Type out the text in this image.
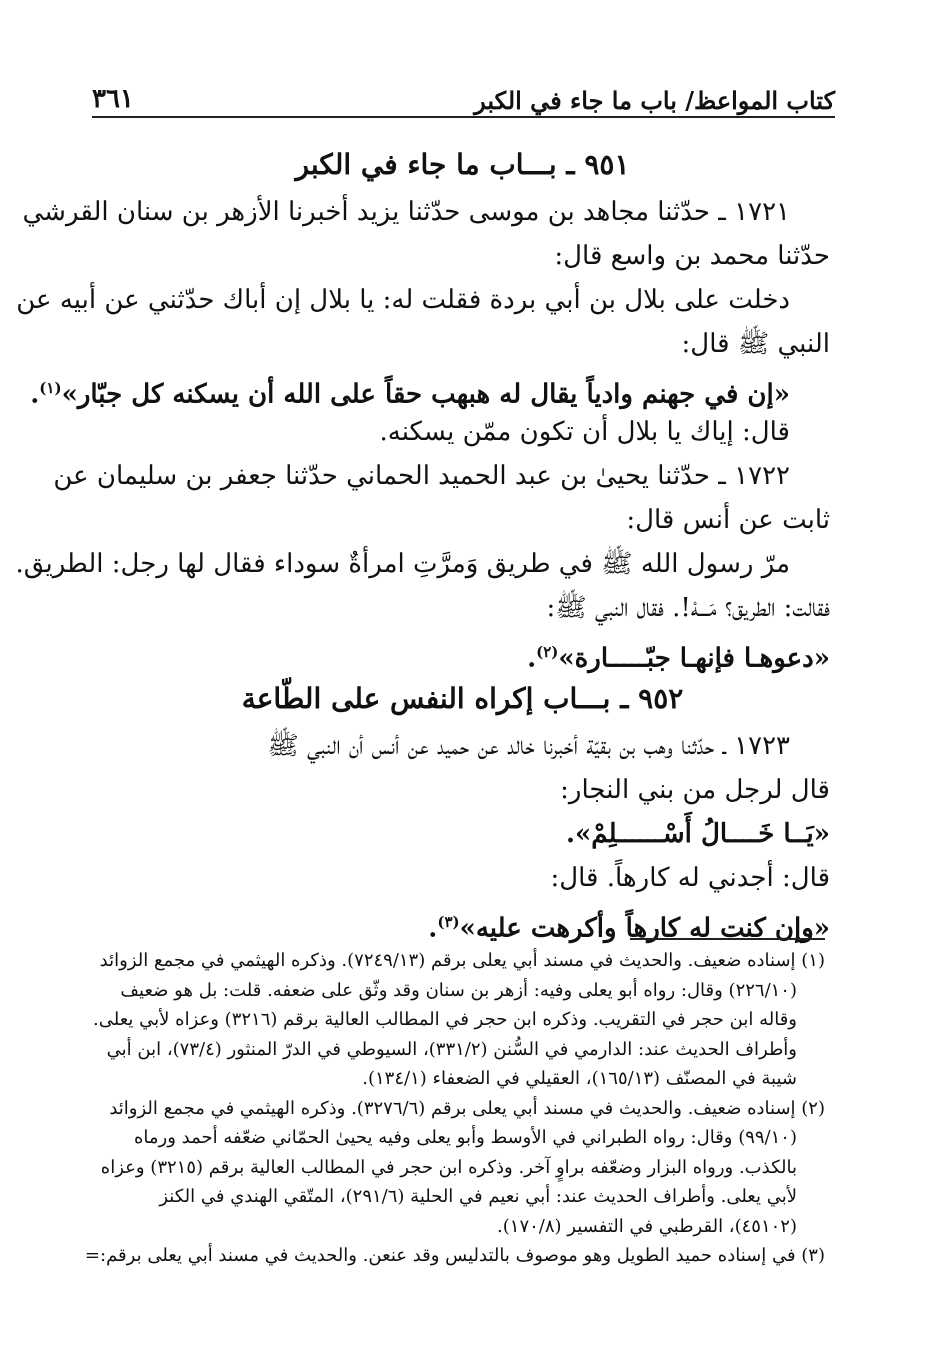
كتاب المواعظ/ باب ما جاء في الكبر
٣٦١
٩٥١ ـ بـــاب ما جاء في الكبر
١٧٢١ ـ حدّثنا مجاهد بن موسى حدّثنا يزيد أخبرنا الأزهر بن سنان القرشي
حدّثنا محمد بن واسع قال:
دخلت على بلال بن أبي بردة فقلت له: يا بلال إن أباك حدّثني عن أبيه عن
النبي ﷺ قال:
«إن في جهنم وادياً يقال له هبهب حقاً على الله أن يسكنه كل جبّار»$^{(١)}$.
قال: إياك يا بلال أن تكون ممّن يسكنه.
١٧٢٢ ـ حدّثنا يحيىٰ بن عبد الحميد الحماني حدّثنا جعفر بن سليمان عن
ثابت عن أنس قال:
مرّ رسول الله ﷺ في طريق وَمرَّتِ امرأةٌ سوداء فقال لها رجل: الطريق.
فقالت: الطريق؟ مَـــهْ!. فقال النبي ﷺ:
«دعوهـا فإنهـا جبّـــــارة»$^{(٢)}$.
٩٥٢ ـ بـــاب إكراه النفس على الطّاعة
١٧٢٣ ـ حدّثنا وهب بن بقيّة أخبرنا خالد عن حميد عن أنس أن النبي ﷺ
قال لرجل من بني النجار:
«يَــا خَــــالُ أَسْــــــلِمْ».
قال: أجدني له كارهاً. قال:
«وإن كنت له كارهاً وأكرهت عليه»$^{(٣)}$.
(١) إسناده ضعيف. والحديث في مسند أبي يعلى برقم (٧٢٤٩/١٣). وذكره الهيثمي في مجمع الزوائد
(٢٢٦/١٠) وقال: رواه أبو يعلى وفيه: أزهر بن سنان وقد وثّق على ضعفه. قلت: بل هو ضعيف
وقاله ابن حجر في التقريب. وذكره ابن حجر في المطالب العالية برقم (٣٢١٦) وعزاه لأبي يعلى.
وأطراف الحديث عند: الدارمي في السُّنن (٣٣١/٢)، السيوطي في الدرّ المنثور (٧٣/٤)، ابن أبي
شيبة في المصنّف (١٦٥/١٣)، العقيلي في الضعفاء (١٣٤/١).
(٢) إسناده ضعيف. والحديث في مسند أبي يعلى برقم (٣٢٧٦/٦). وذكره الهيثمي في مجمع الزوائد
(٩٩/١٠) وقال: رواه الطبراني في الأوسط وأبو يعلى وفيه يحيىٰ الحمّاني ضعّفه أحمد ورماه
بالكذب. ورواه البزار وضعّفه براوٍ آخر. وذكره ابن حجر في المطالب العالية برقم (٣٢١٥) وعزاه
لأبي يعلى. وأطراف الحديث عند: أبي نعيم في الحلية (٢٩١/٦)، المتّقي الهندي في الكنز
(٤٥١٠٢)، القرطبي في التفسير (١٧٠/٨).
(٣) في إسناده حميد الطويل وهو موصوف بالتدليس وقد عنعن. والحديث في مسند أبي يعلى برقم:=
